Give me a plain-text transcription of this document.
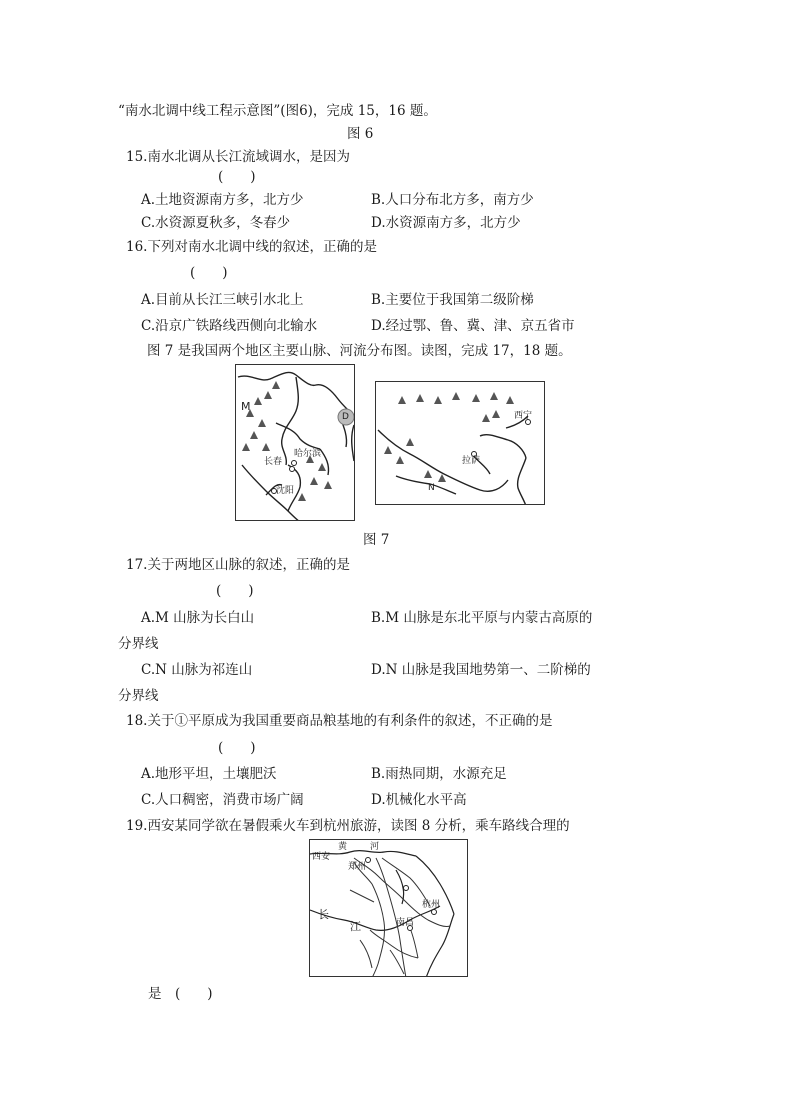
“南水北调中线工程示意图”(图6)，完成 15，16 题。
图 6
15.南水北调从长江流域调水，是因为
(　　)
A.土地资源南方多，北方少	B.人口分布北方多，南方少
C.水资源夏秋多，冬春少	D.水资源南方多，北方少
16.下列对南水北调中线的叙述，正确的是
(　　)
A.目前从长江三峡引水北上	B.主要位于我国第二级阶梯
C.沿京广铁路线西侧向北输水	D.经过鄂、鲁、冀、津、京五省市
图 7 是我国两个地区主要山脉、河流分布图。读图，完成 17，18 题。
M
D
哈尔滨
长春
沈阳
西宁
拉萨
N
图 7
17.关于两地区山脉的叙述，正确的是
(　　)
A.M 山脉为长白山	B.M 山脉是东北平原与内蒙古高原的
分界线
C.N 山脉为祁连山	D.N 山脉是我国地势第一、二阶梯的
分界线
18.关于①平原成为我国重要商品粮基地的有利条件的叙述，不正确的是
(　　)
A.地形平坦，土壤肥沃	B.雨热同期，水源充足
C.人口稠密，消费市场广阔	D.机械化水平高
19.西安某同学欲在暑假乘火车到杭州旅游，读图 8 分析，乘车路线合理的
黄	河
西安
郑州
长
江
杭州
南昌
是　(　　)
